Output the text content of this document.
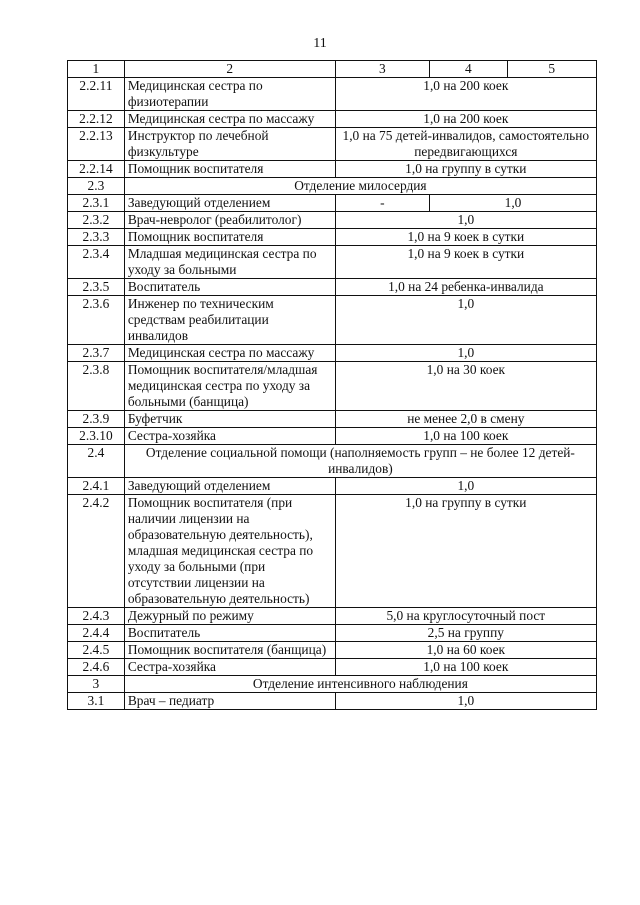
11
1	2	3	4	5
2.2.11	Медицинская сестра по физиотерапии	1,0 на 200 коек		
2.2.12	Медицинская сестра по массажу	1,0 на 200 коек		
2.2.13	Инструктор по лечебной физкультуре	1,0 на 75 детей-инвалидов, самостоятельно передвигающихся		
2.2.14	Помощник воспитателя	1,0 на группу в сутки		
2.3	Отделение милосердия			
2.3.1	Заведующий отделением	-	1,0	
2.3.2	Врач-невролог (реабилитолог)	1,0		
2.3.3	Помощник воспитателя	1,0 на 9 коек в сутки		
2.3.4	Младшая медицинская сестра по уходу за больными	1,0 на 9 коек в сутки		
2.3.5	Воспитатель	1,0 на 24 ребенка-инвалида		
2.3.6	Инженер по техническим средствам реабилитации инвалидов	1,0		
2.3.7	Медицинская сестра по массажу	1,0		
2.3.8	Помощник воспитателя/младшая медицинская сестра по уходу за больными (банщица)	1,0 на 30 коек		
2.3.9	Буфетчик	не менее 2,0 в смену		
2.3.10	Сестра-хозяйка	1,0 на 100 коек		
2.4	Отделение социальной помощи (наполняемость групп – не более 12 детей-инвалидов)			
2.4.1	Заведующий отделением	1,0		
2.4.2	Помощник воспитателя (при наличии лицензии на образовательную деятельность), младшая медицинская сестра по уходу за больными (при отсутствии лицензии на образовательную деятельность)	1,0 на группу в сутки		
2.4.3	Дежурный по режиму	5,0 на круглосуточный пост		
2.4.4	Воспитатель	2,5 на группу		
2.4.5	Помощник воспитателя (банщица)	1,0 на 60 коек		
2.4.6	Сестра-хозяйка	1,0 на 100 коек		
3	Отделение интенсивного наблюдения			
3.1	Врач – педиатр	1,0		
